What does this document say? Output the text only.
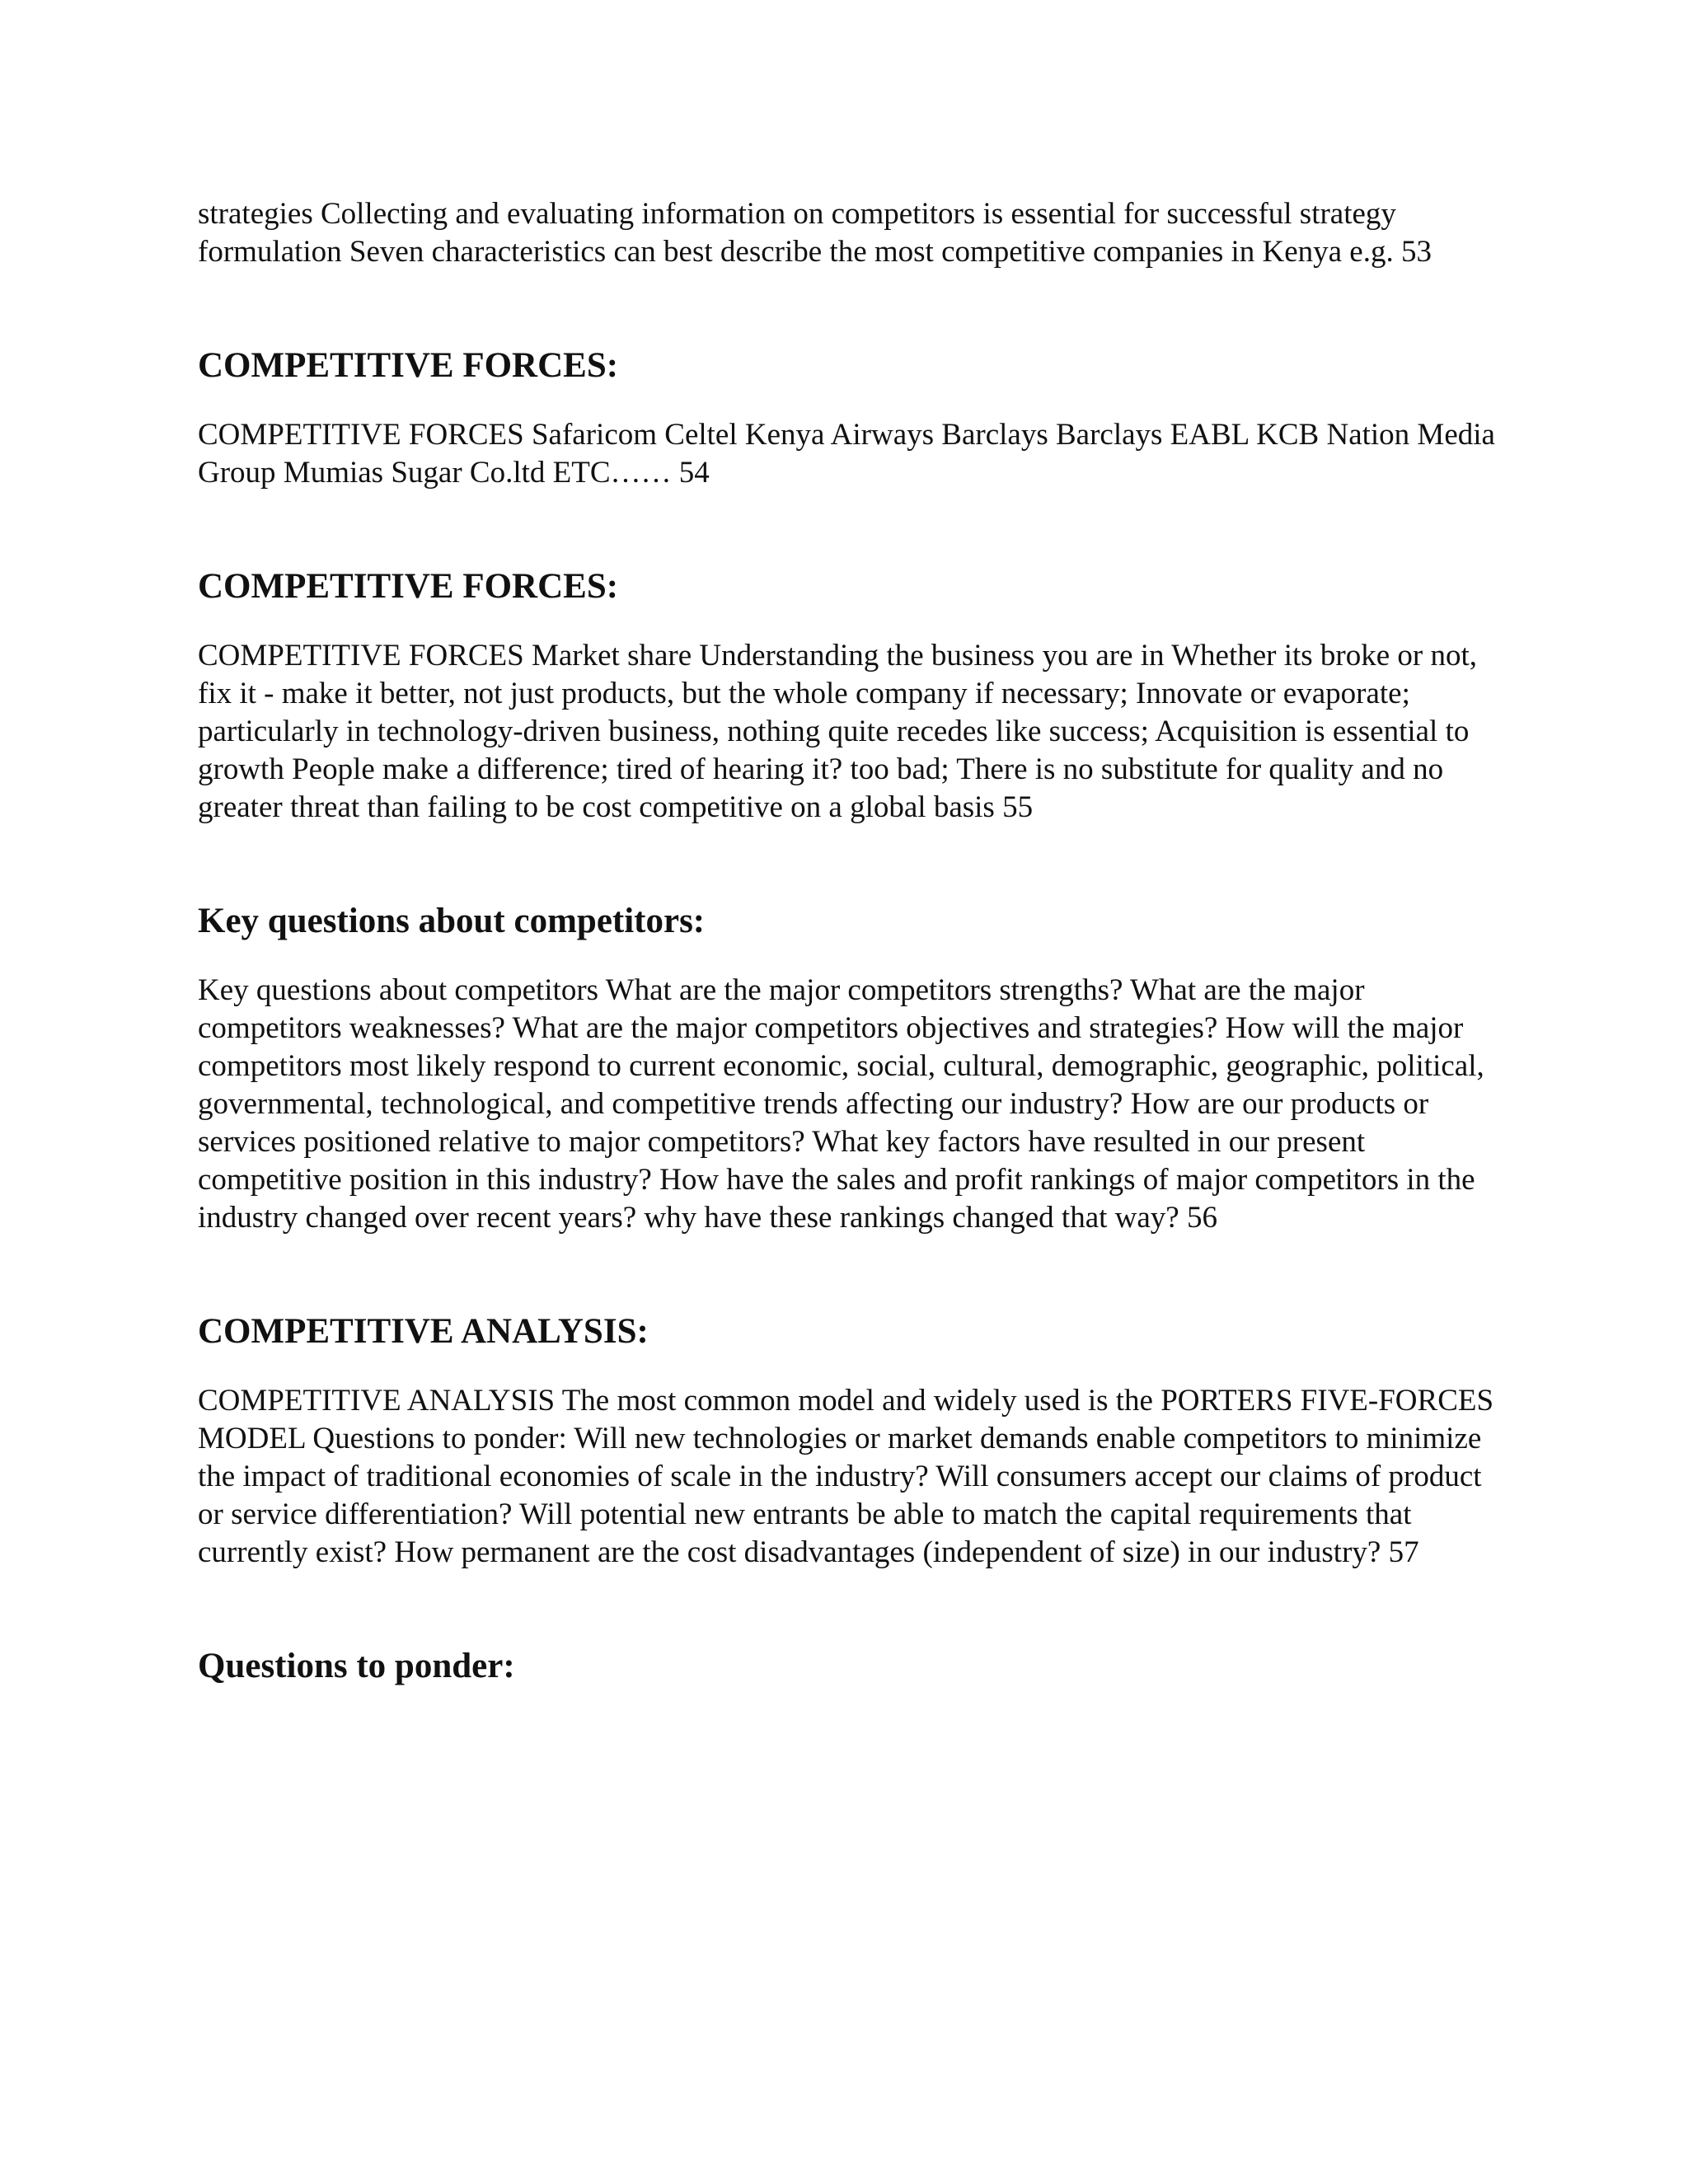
strategies Collecting and evaluating information on competitors is essential for successful strategy formulation Seven characteristics can best describe the most competitive companies in Kenya e.g. 53

COMPETITIVE FORCES:

COMPETITIVE FORCES Safaricom Celtel Kenya Airways Barclays Barclays EABL KCB Nation Media Group Mumias Sugar Co.ltd ETC…… 54

COMPETITIVE FORCES:

COMPETITIVE FORCES Market share Understanding the business you are in Whether its broke or not, fix it - make it better, not just products, but the whole company if necessary; Innovate or evaporate; particularly in technology-driven business, nothing quite recedes like success; Acquisition is essential to growth People make a difference; tired of hearing it? too bad; There is no substitute for quality and no greater threat than failing to be cost competitive on a global basis 55

Key questions about competitors:

Key questions about competitors What are the major competitors strengths? What are the major competitors weaknesses? What are the major competitors objectives and strategies? How will the major competitors most likely respond to current economic, social, cultural, demographic, geographic, political, governmental, technological, and competitive trends affecting our industry? How are our products or services positioned relative to major competitors? What key factors have resulted in our present competitive position in this industry? How have the sales and profit rankings of major competitors in the industry changed over recent years? why have these rankings changed that way? 56

COMPETITIVE ANALYSIS:

COMPETITIVE ANALYSIS The most common model and widely used is the PORTERS FIVE-FORCES MODEL Questions to ponder: Will new technologies or market demands enable competitors to minimize the impact of traditional economies of scale in the industry? Will consumers accept our claims of product or service differentiation? Will potential new entrants be able to match the capital requirements that currently exist? How permanent are the cost disadvantages (independent of size) in our industry? 57

Questions to ponder:
